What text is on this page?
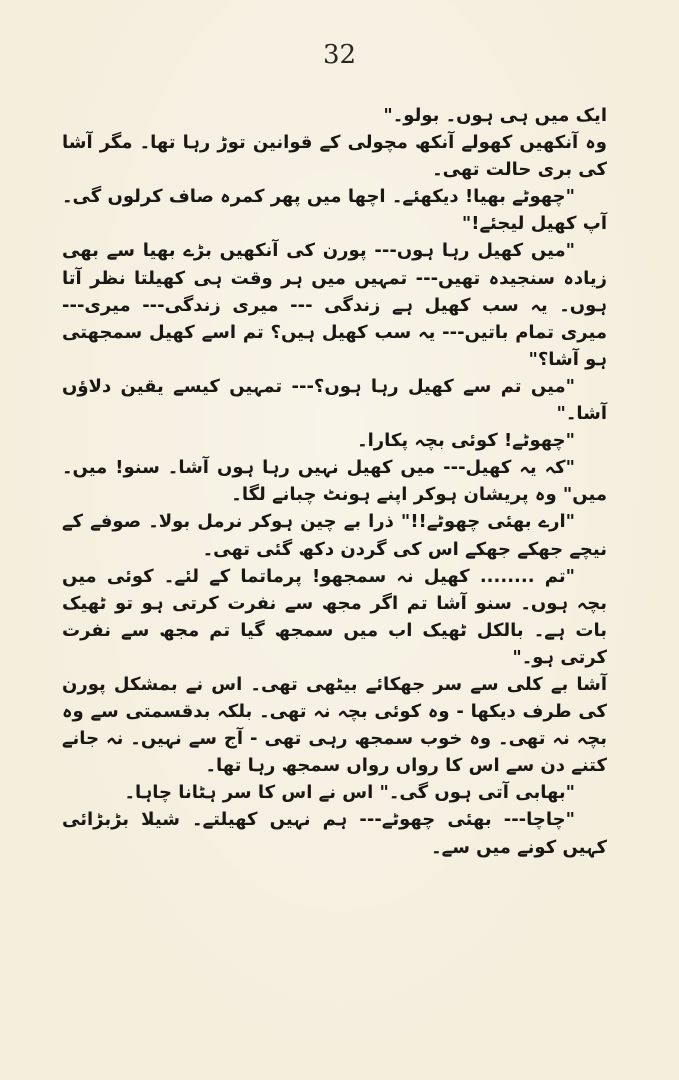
32

ایک میں ہی ہوں۔ بولو۔"

وہ آنکھیں کھولے آنکھ مچولی کے قوانین توڑ رہا تھا۔ مگر آشا کی بری حالت تھی۔

"چھوٹے بھیا! دیکھئے۔ اچھا میں پھر کمرہ صاف کرلوں گی۔ آپ کھیل لیجئے!"

"میں کھیل رہا ہوں--- پورن کی آنکھیں بڑے بھیا سے بھی زیادہ سنجیدہ تھیں--- تمہیں میں ہر وقت ہی کھیلتا نظر آتا ہوں۔ یہ سب کھیل ہے زندگی --- میری زندگی--- میری--- میری تمام باتیں--- یہ سب کھیل ہیں؟ تم اسے کھیل سمجھتی ہو آشا؟"

"میں تم سے کھیل رہا ہوں؟--- تمہیں کیسے یقین دلاؤں آشا۔"

"چھوٹے! کوئی بچہ پکارا۔

"کہ یہ کھیل--- میں کھیل نہیں رہا ہوں آشا۔ سنو! میں۔ میں" وہ پریشان ہوکر اپنے ہونٹ چبانے لگا۔

"ارے بھئی چھوٹے!!" ذرا بے چین ہوکر نرمل بولا۔ صوفے کے نیچے جھکے جھکے اس کی گردن دکھ گئی تھی۔

"تم ........ کھیل نہ سمجھو! پرماتما کے لئے۔ کوئی میں بچہ ہوں۔ سنو آشا تم اگر مجھ سے نفرت کرتی ہو تو ٹھیک بات ہے۔ بالکل ٹھیک اب میں سمجھ گیا تم مجھ سے نفرت کرتی ہو۔"

آشا بے کلی سے سر جھکائے بیٹھی تھی۔ اس نے بمشکل پورن کی طرف دیکھا - وہ کوئی بچہ نہ تھی۔ بلکہ بدقسمتی سے وہ بچہ نہ تھی۔ وہ خوب سمجھ رہی تھی - آج سے نہیں۔ نہ جانے کتنے دن سے اس کا رواں رواں سمجھ رہا تھا۔

"بھابی آتی ہوں گی۔" اس نے اس کا سر ہٹانا چاہا۔

"چاچا--- بھئی چھوٹے--- ہم نہیں کھیلتے۔ شیلا بڑبڑائی کہیں کونے میں سے۔
